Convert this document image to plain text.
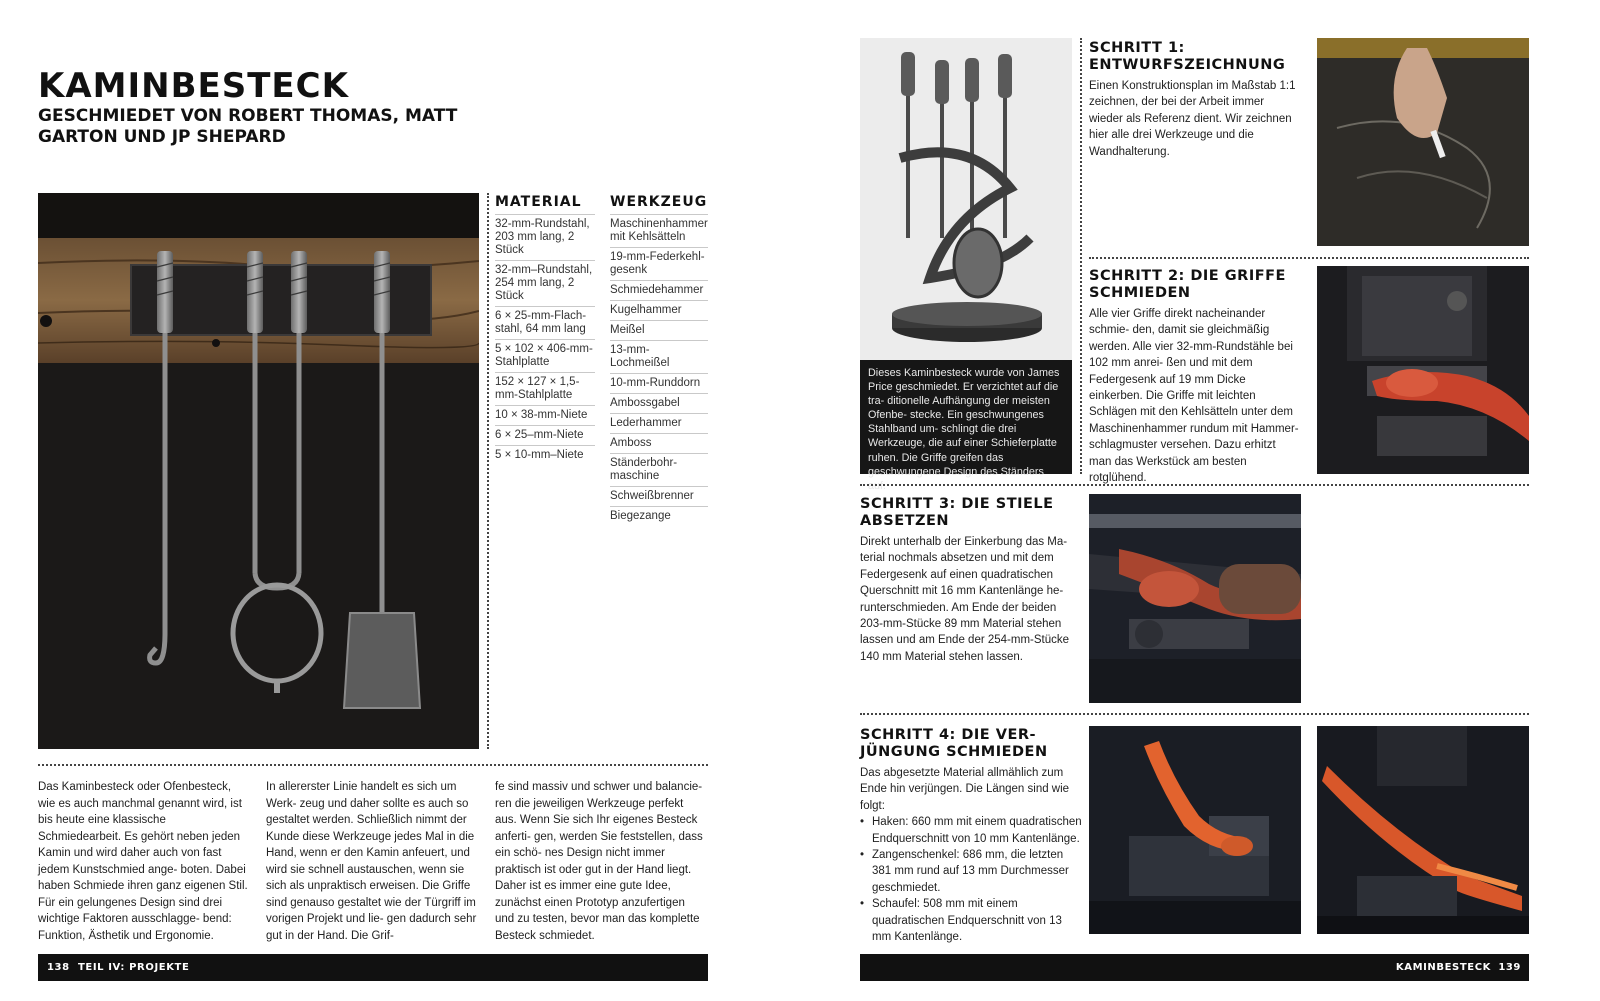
KAMINBESTECK
GESCHMIEDET VON ROBERT THOMAS, MATT GARTON UND JP SHEPARD
MATERIAL
32-mm-Rundstahl, 203 mm lang, 2 Stück
32-mm–Rundstahl, 254 mm lang, 2 Stück
6 × 25-mm-Flach- stahl, 64 mm lang
5 × 102 × 406-mm- Stahlplatte
152 × 127 × 1,5-mm-Stahlplatte
10 × 38-mm-Niete
6 × 25–mm-Niete
5 × 10-mm–Niete
WERKZEUG
Maschinenhammer mit Kehlsätteln
19-mm-Federkehl- gesenk
Schmiedehammer
Kugelhammer
Meißel
13-mm-Lochmeißel
10-mm-Runddorn
Ambossgabel
Lederhammer
Amboss
Ständerbohr- maschine
Schweißbrenner
Biegezange

Das Kaminbesteck oder Ofenbesteck, wie es auch manchmal genannt wird, ist bis heute eine klassische Schmiedearbeit. Es gehört neben jeden Kamin und wird daher auch von fast jedem Kunstschmied ange- boten. Dabei haben Schmiede ihren ganz eigenen Stil. Für ein gelungenes Design sind drei wichtige Faktoren ausschlagge- bend: Funktion, Ästhetik und Ergonomie.

In allererster Linie handelt es sich um Werk- zeug und daher sollte es auch so gestaltet werden. Schließlich nimmt der Kunde diese Werkzeuge jedes Mal in die Hand, wenn er den Kamin anfeuert, und wird sie schnell austauschen, wenn sie sich als unpraktisch erweisen. Die Griffe sind genauso gestaltet wie der Türgriff im vorigen Projekt und lie- gen dadurch sehr gut in der Hand. Die Grif-

fe sind massiv und schwer und balancie- ren die jeweiligen Werkzeuge perfekt aus. Wenn Sie sich Ihr eigenes Besteck anferti- gen, werden Sie feststellen, dass ein schö- nes Design nicht immer praktisch ist oder gut in der Hand liegt. Daher ist es immer eine gute Idee, zunächst einen Prototyp anzufertigen und zu testen, bevor man das komplette Besteck schmiedet.

138 TEIL IV: PROJEKTE
Dieses Kaminbesteck wurde von James Price geschmiedet. Er verzichtet auf die tra- ditionelle Aufhängung der meisten Ofenbe- stecke. Ein geschwungenes Stahlband um- schlingt die drei Werkzeuge, die auf einer Schieferplatte ruhen. Die Griffe greifen das geschwungene Design des Ständers auf.
SCHRITT 1: ENTWURFSZEICHNUNG

Einen Konstruktionsplan im Maßstab 1:1 zeichnen, der bei der Arbeit immer wieder als Referenz dient. Wir zeichnen hier alle drei Werkzeuge und die Wandhalterung.

SCHRITT 2: DIE GRIFFE SCHMIEDEN

Alle vier Griffe direkt nacheinander schmie- den, damit sie gleichmäßig werden. Alle vier 32-mm-Rundstähle bei 102 mm anrei- ßen und mit dem Federgesenk auf 19 mm Dicke einkerben. Die Griffe mit leichten Schlägen mit den Kehlsätteln unter dem Maschinenhammer rundum mit Hammer- schlagmuster versehen. Dazu erhitzt man das Werkstück am besten rotglühend.

SCHRITT 3: DIE STIELE ABSETZEN

Direkt unterhalb der Einkerbung das Ma- terial nochmals absetzen und mit dem Federgesenk auf einen quadratischen Querschnitt mit 16 mm Kantenlänge he- runterschmieden. Am Ende der beiden 203-mm-Stücke 89 mm Material stehen lassen und am Ende der 254-mm-Stücke 140 mm Material stehen lassen.

SCHRITT 4: DIE VER- JÜNGUNG SCHMIEDEN

Das abgesetzte Material allmählich zum Ende hin verjüngen. Die Längen sind wie folgt:

• Haken: 660 mm mit einem quadratischen Endquerschnitt von 10 mm Kantenlänge.
• Zangenschenkel: 686 mm, die letzten 381 mm rund auf 13 mm Durchmesser geschmiedet.
• Schaufel: 508 mm mit einem quadratischen Endquerschnitt von 13 mm Kantenlänge.
KAMINBESTECK 139
